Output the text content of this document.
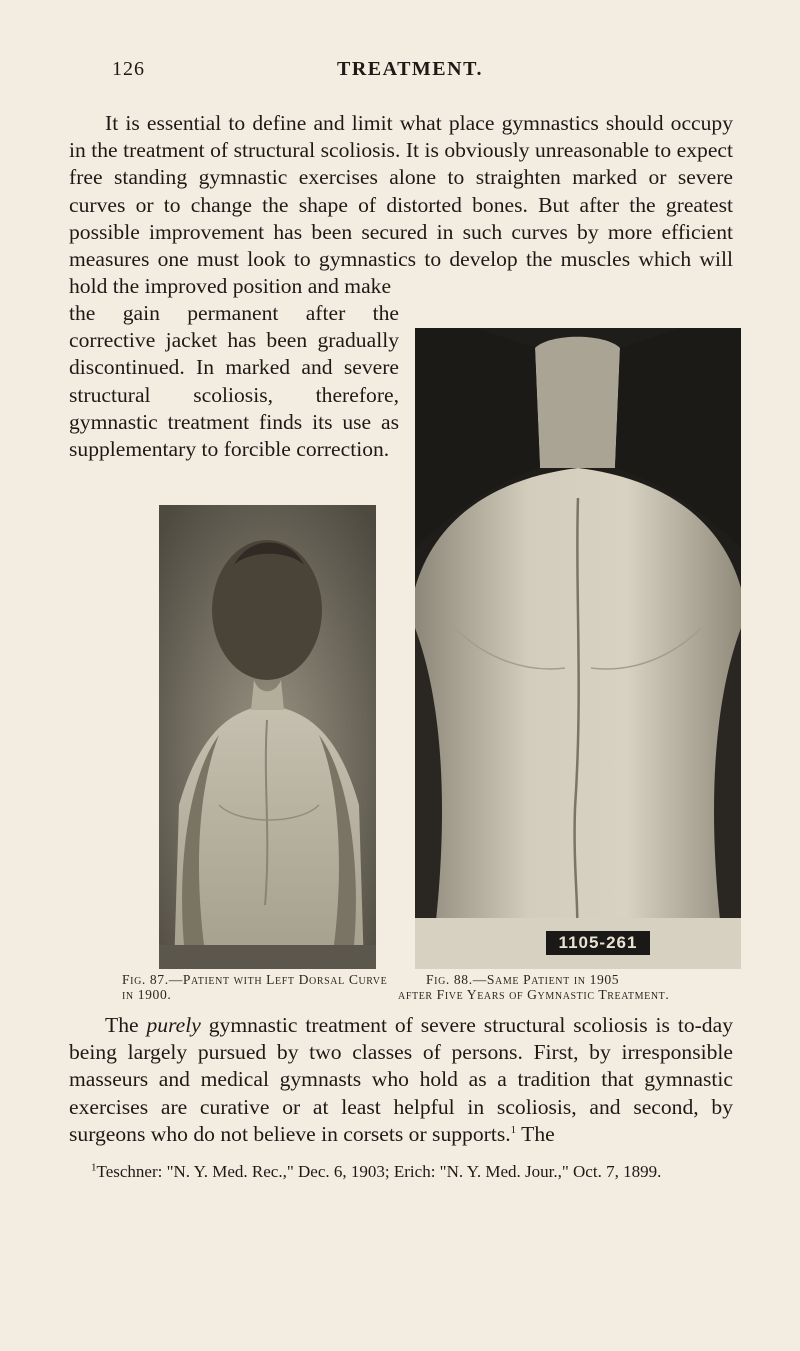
126	TREATMENT.

It is essential to define and limit what place gymnastics should occupy in the treatment of structural scoliosis. It is obviously unreasonable to expect free standing gymnastic exercises alone to straighten marked or severe curves or to change the shape of distorted bones. But after the greatest possible improvement has been secured in such curves by more efficient measures one must look to gymnastics to develop the muscles which will hold the improved position and make

the gain permanent after the corrective jacket has been gradually discontinued. In marked and severe structural scoliosis, therefore, gymnastic treatment finds its use as supplementary to forcible correction.

1105-261
Fig. 87.—Patient with Left Dorsal Curve in 1900.
Fig. 88.—Same Patient in 1905
after Five Years of Gymnastic Treatment.

The purely gymnastic treatment of severe structural scoliosis is to-day being largely pursued by two classes of persons. First, by irresponsible masseurs and medical gymnasts who hold as a tradition that gymnastic exercises are curative or at least helpful in scoliosis, and second, by surgeons who do not believe in corsets or supports.$^1$ The

$^1$Teschner: "N. Y. Med. Rec.," Dec. 6, 1903; Erich: "N. Y. Med. Jour.," Oct. 7, 1899.
